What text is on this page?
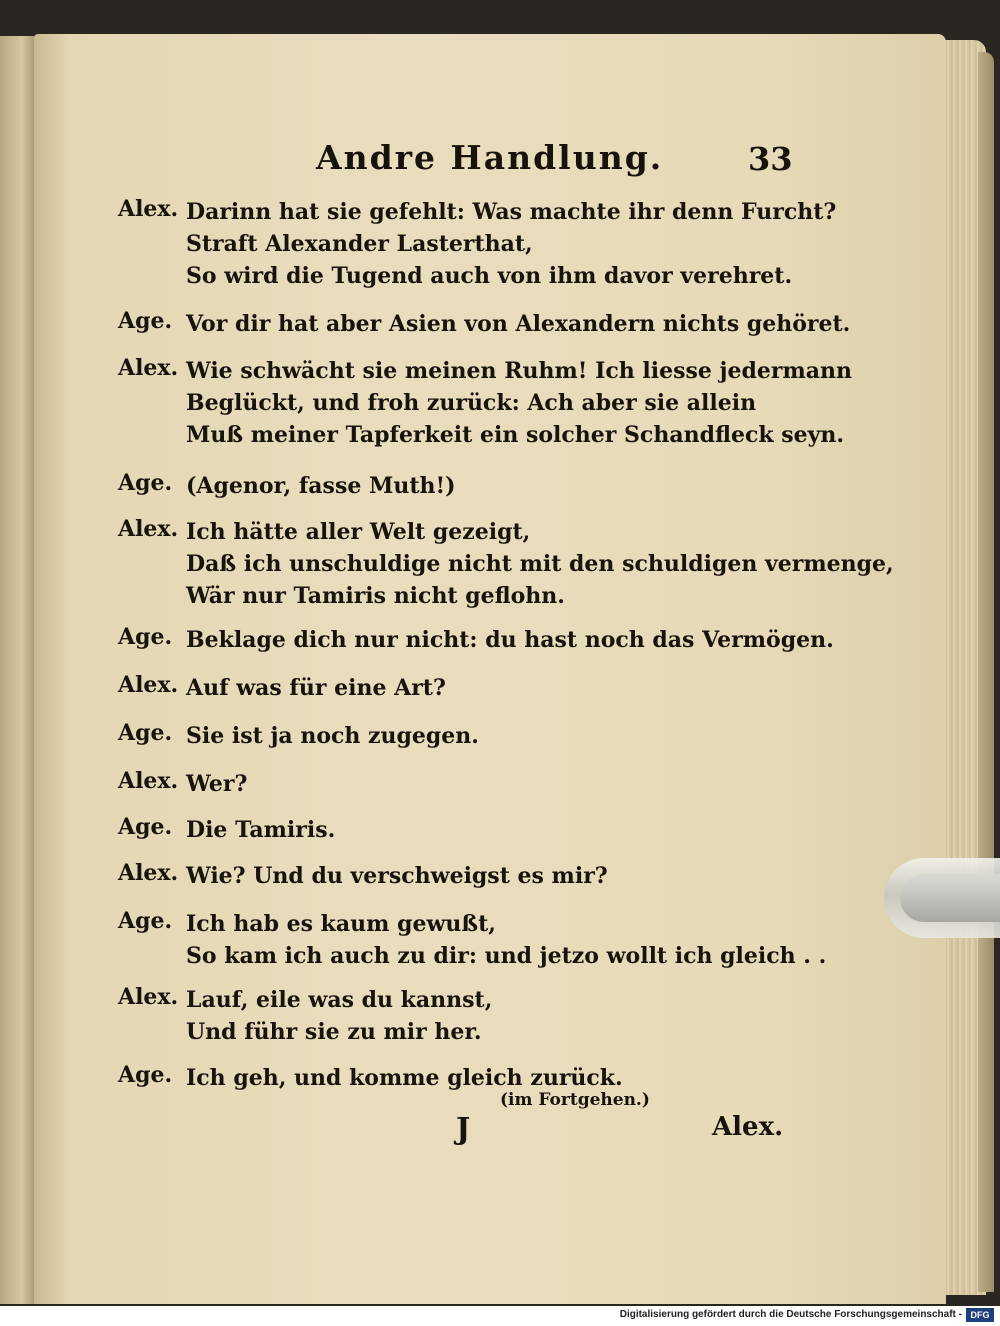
Andre Handlung.	33
Alex. Darinn hat sie gefehlt: Was machte ihr denn Furcht?
Straft Alexander Lasterthat,
So wird die Tugend auch von ihm davor verehret.
Age. Vor dir hat aber Asien von Alexandern nichts gehöret.
Alex. Wie schwächt sie meinen Ruhm! Ich liesse jedermann
Beglückt, und froh zurück: Ach aber sie allein
Muß meiner Tapferkeit ein solcher Schandfleck seyn.
Age. (Agenor, fasse Muth!)
Alex. Ich hätte aller Welt gezeigt,
Daß ich unschuldige nicht mit den schuldigen vermenge,
Wär nur Tamiris nicht geflohn.
Age. Beklage dich nur nicht: du hast noch das Vermögen.
Alex. Auf was für eine Art?
Age. Sie ist ja noch zugegen.
Alex. Wer?
Age. Die Tamiris.
Alex. Wie? Und du verschweigst es mir?
Age. Ich hab es kaum gewußt,
So kam ich auch zu dir: und jetzo wollt ich gleich . .
Alex. Lauf, eile was du kannst,
Und führ sie zu mir her.
Age. Ich geh, und komme gleich zurück.
(im Fortgehen.)
J	Alex.
Digitalisierung gefördert durch die Deutsche Forschungsgemeinschaft - DFG
